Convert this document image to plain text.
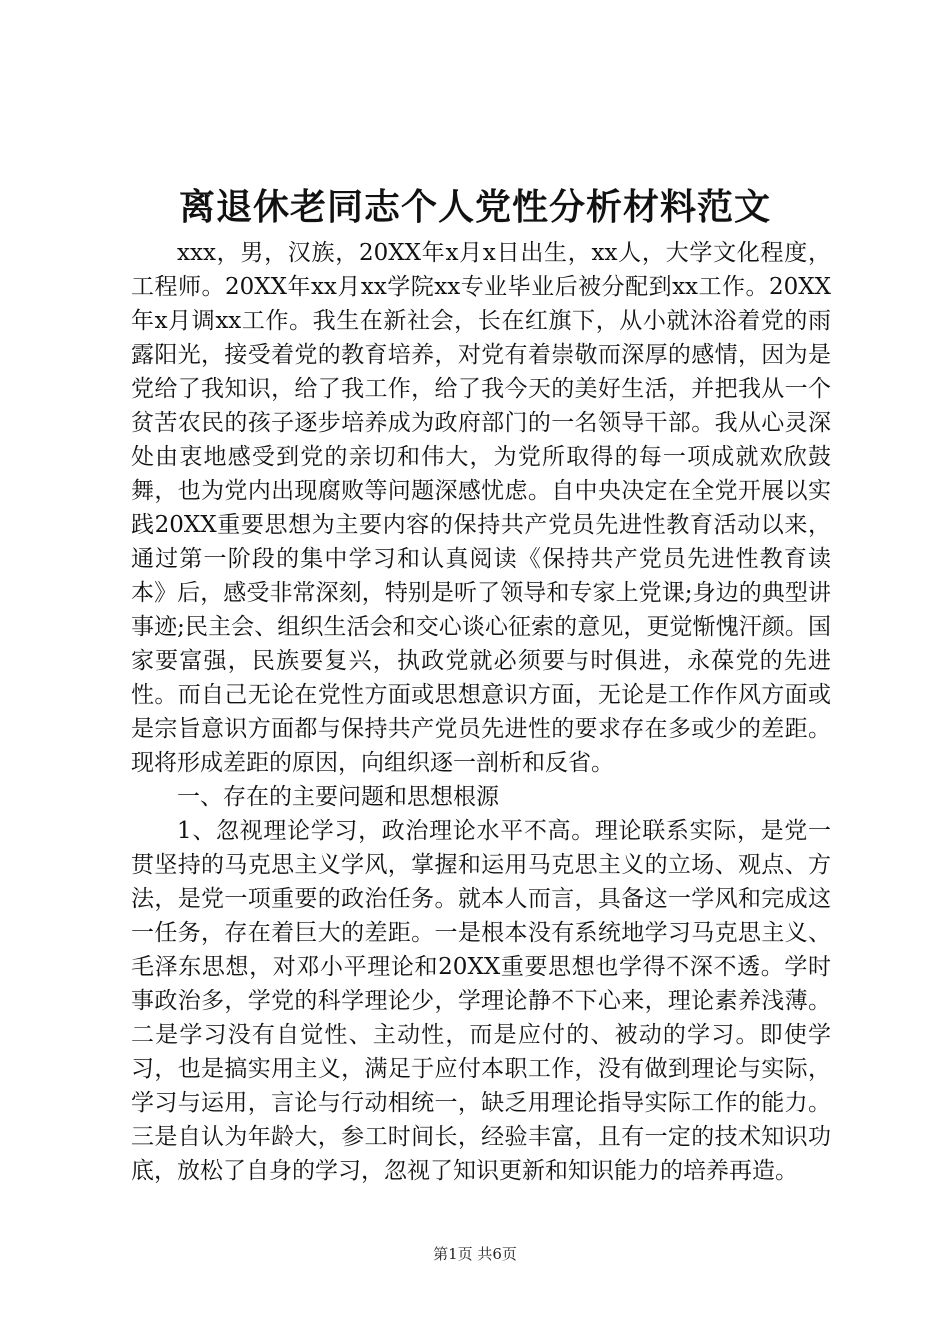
离退休老同志个人党性分析材料范文

xxx，男，汉族，20XX年x月x日出生，xx人，大学文化程度，工程师。20XX年xx月xx学院xx专业毕业后被分配到xx工作。20XX年x月调xx工作。我生在新社会，长在红旗下，从小就沐浴着党的雨露阳光，接受着党的教育培养，对党有着崇敬而深厚的感情，因为是党给了我知识，给了我工作，给了我今天的美好生活，并把我从一个贫苦农民的孩子逐步培养成为政府部门的一名领导干部。我从心灵深处由衷地感受到党的亲切和伟大，为党所取得的每一项成就欢欣鼓舞，也为党内出现腐败等问题深感忧虑。自中央决定在全党开展以实践20XX重要思想为主要内容的保持共产党员先进性教育活动以来，通过第一阶段的集中学习和认真阅读《保持共产党员先进性教育读本》后，感受非常深刻，特别是听了领导和专家上党课;身边的典型讲事迹;民主会、组织生活会和交心谈心征索的意见，更觉惭愧汗颜。国家要富强，民族要复兴，执政党就必须要与时俱进，永葆党的先进性。而自己无论在党性方面或思想意识方面，无论是工作作风方面或是宗旨意识方面都与保持共产党员先进性的要求存在多或少的差距。现将形成差距的原因，向组织逐一剖析和反省。

一、存在的主要问题和思想根源

1、忽视理论学习，政治理论水平不高。理论联系实际，是党一贯坚持的马克思主义学风，掌握和运用马克思主义的立场、观点、方法，是党一项重要的政治任务。就本人而言，具备这一学风和完成这一任务，存在着巨大的差距。一是根本没有系统地学习马克思主义、毛泽东思想，对邓小平理论和20XX重要思想也学得不深不透。学时事政治多，学党的科学理论少，学理论静不下心来，理论素养浅薄。二是学习没有自觉性、主动性，而是应付的、被动的学习。即使学习，也是搞实用主义，满足于应付本职工作，没有做到理论与实际，学习与运用，言论与行动相统一，缺乏用理论指导实际工作的能力。三是自认为年龄大，参工时间长，经验丰富，且有一定的技术知识功底，放松了自身的学习，忽视了知识更新和知识能力的培养再造。

第1页 共6页
